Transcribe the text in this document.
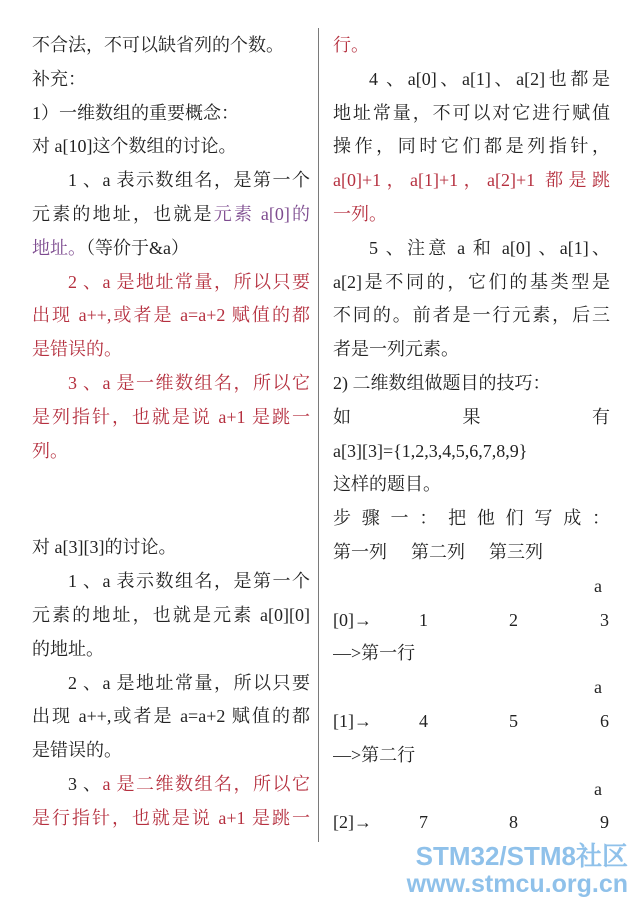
不合法，不可以缺省列的个数。
补充：
1）一维数组的重要概念：
对 a[10]这个数组的讨论。
1 、a 表示数组名，是第一个
元素的地址，也就是元素 a[0]的
地址。（等价于&a）
2 、a 是地址常量，所以只要
出现 a++,或者是 a=a+2 赋值的都
是错误的。
3 、a 是一维数组名，所以它
是列指针，也就是说 a+1 是跳一
列。
对 a[3][3]的讨论。
1 、a 表示数组名，是第一个
元素的地址，也就是元素 a[0][0]
的地址。
2 、a 是地址常量，所以只要
出现 a++,或者是 a=a+2 赋值的都
是错误的。
3 、a 是二维数组名，所以它
是行指针，也就是说 a+1 是跳一
行。
4 、a[0]、a[1]、a[2]也都是
地址常量，不可以对它进行赋值
操作，同时它们都是列指针，
a[0]+1，a[1]+1，a[2]+1 都是跳
一列。
5 、注意 a 和 a[0] 、a[1]、
a[2]是不同的，它们的基类型是
不同的。前者是一行元素，后三
者是一列元素。
2) 二维数组做题目的技巧：
如 果 有
a[3][3]={1,2,3,4,5,6,7,8,9}
这样的题目。
步 骤 一 ： 把 他 们 写 成 ：
第一列 第二列 第三列
a
[0]→	1	2	3
—>第一行
a
[1]→	4	5	6
—>第二行
a
[2]→	7	8	9
STM32/STM8社区
www.stmcu.org.cn
